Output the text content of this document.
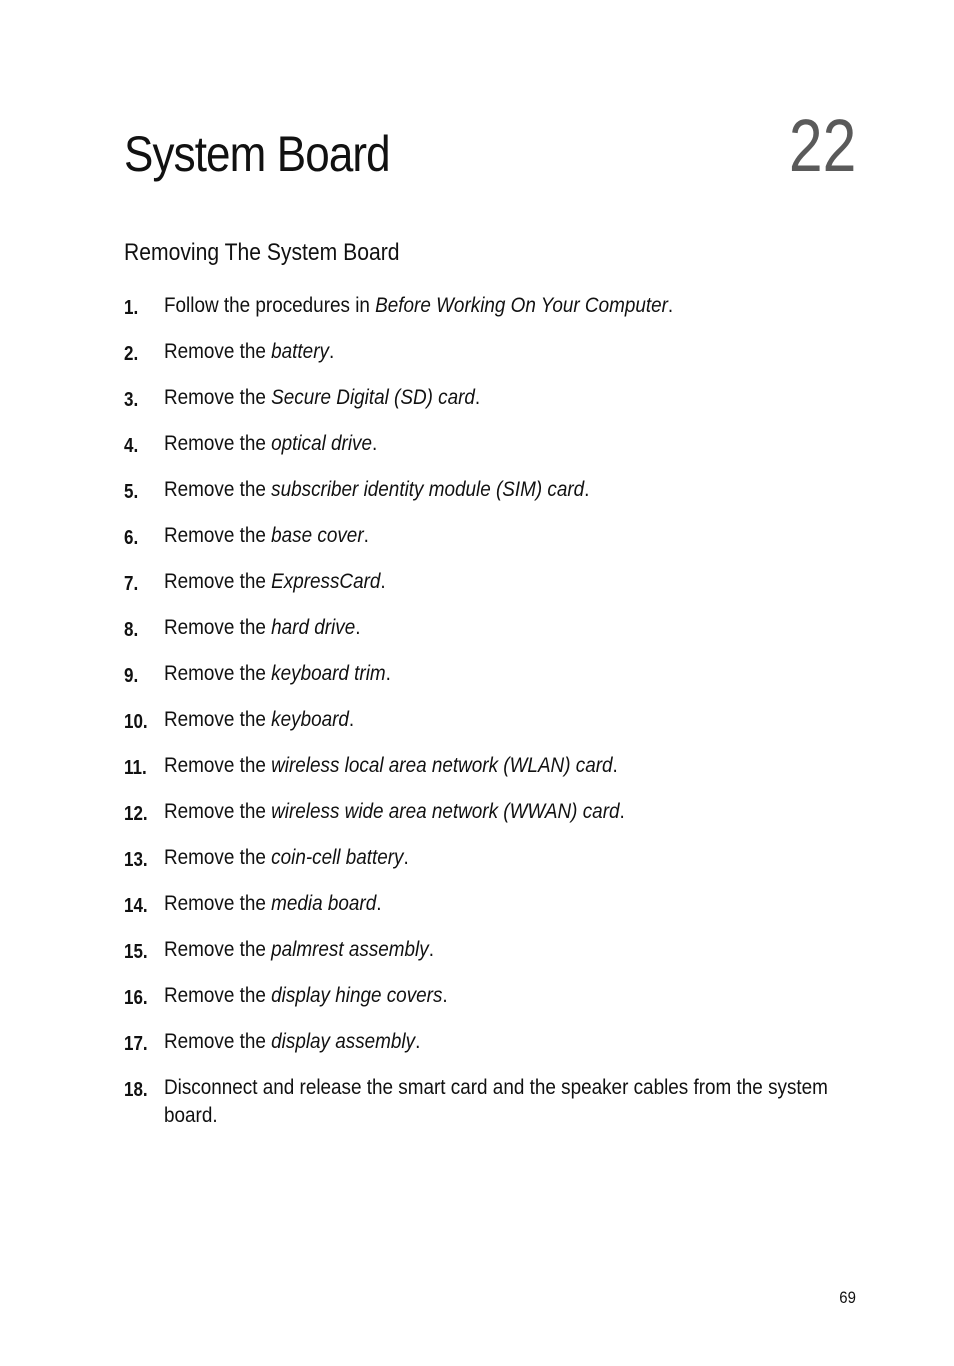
System Board	22
Removing The System Board
1. Follow the procedures in Before Working On Your Computer.
2. Remove the battery.
3. Remove the Secure Digital (SD) card.
4. Remove the optical drive.
5. Remove the subscriber identity module (SIM) card.
6. Remove the base cover.
7. Remove the ExpressCard.
8. Remove the hard drive.
9. Remove the keyboard trim.
10. Remove the keyboard.
11. Remove the wireless local area network (WLAN) card.
12. Remove the wireless wide area network (WWAN) card.
13. Remove the coin-cell battery.
14. Remove the media board.
15. Remove the palmrest assembly.
16. Remove the display hinge covers.
17. Remove the display assembly.
18. Disconnect and release the smart card and the speaker cables from the system board.
69
